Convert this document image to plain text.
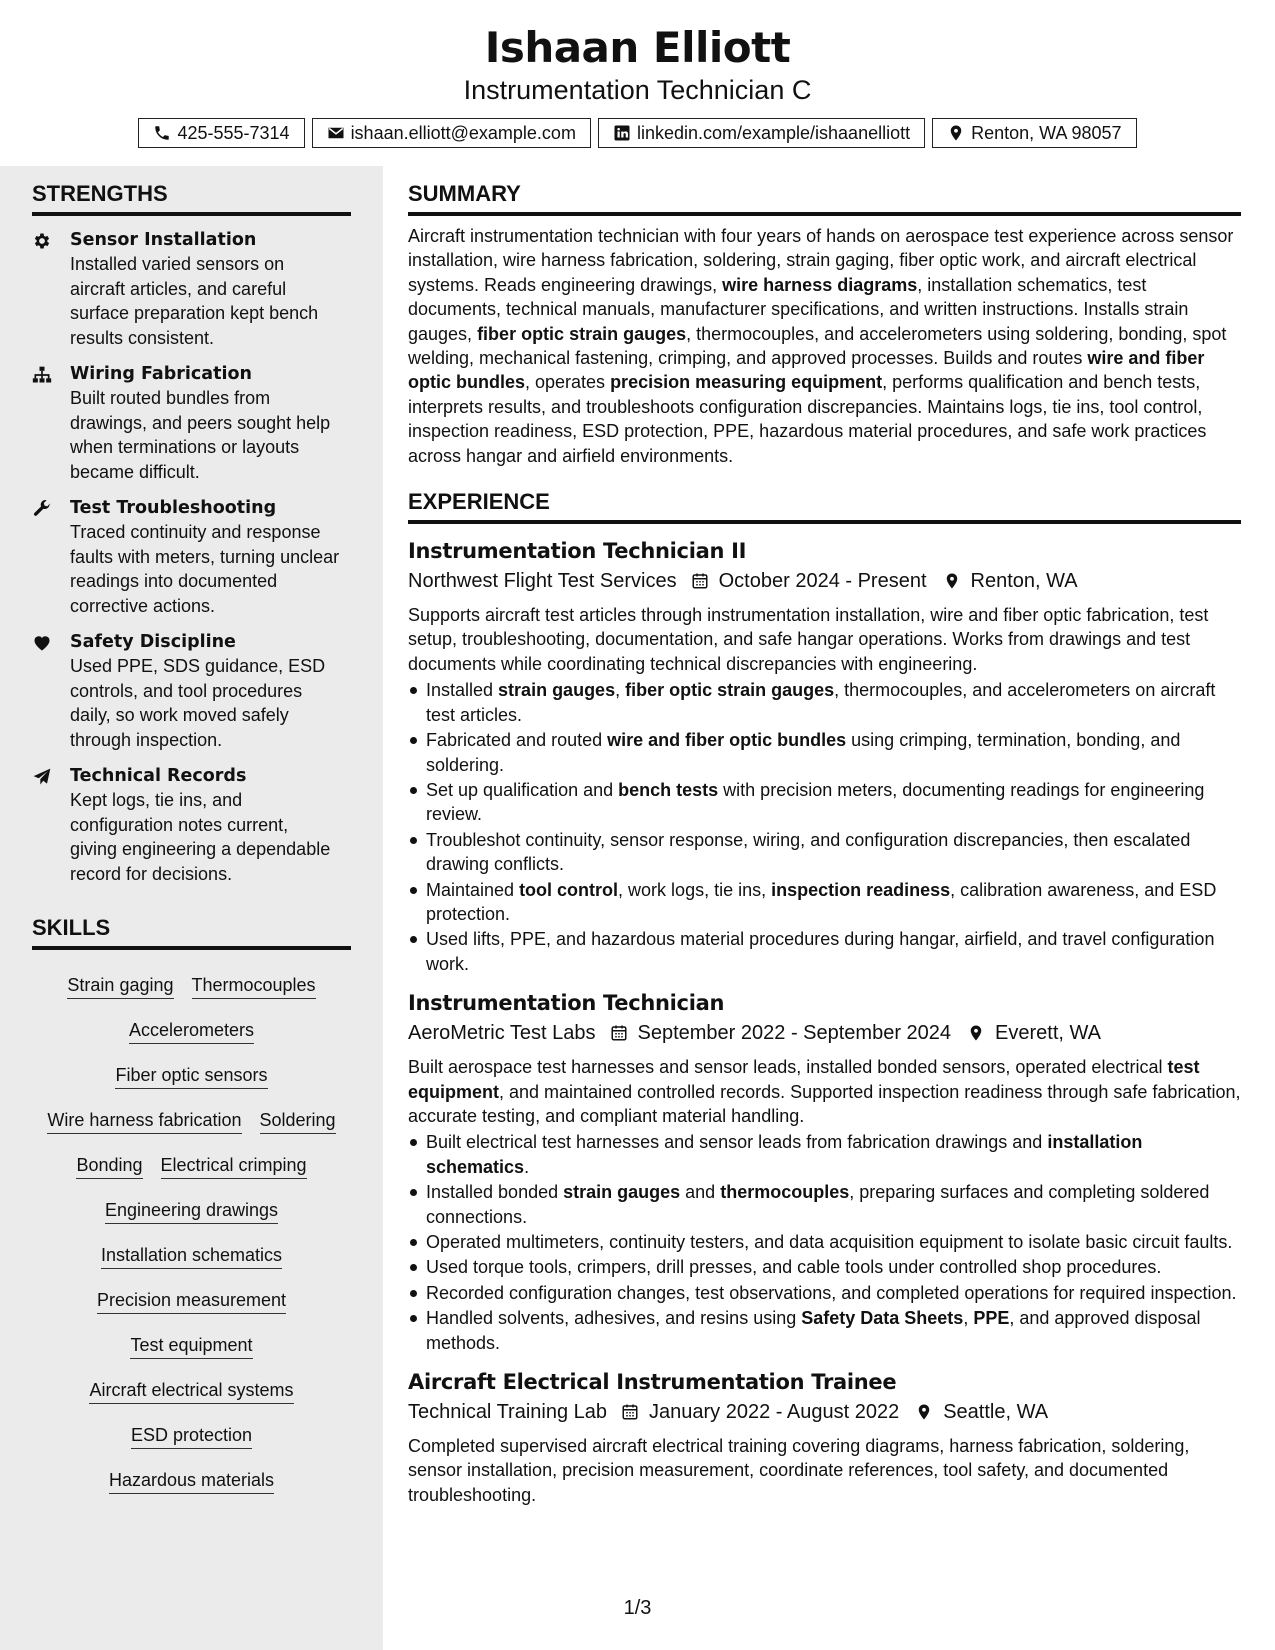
Ishaan Elliott
Instrumentation Technician C
425-555-7314	ishaan.elliott@example.com	linkedin.com/example/ishaanelliott	Renton, WA 98057
STRENGTHS
Sensor Installation
Installed varied sensors on aircraft articles, and careful surface preparation kept bench results consistent.
Wiring Fabrication
Built routed bundles from drawings, and peers sought help when terminations or layouts became difficult.
Test Troubleshooting
Traced continuity and response faults with meters, turning unclear readings into documented corrective actions.
Safety Discipline
Used PPE, SDS guidance, ESD controls, and tool procedures daily, so work moved safely through inspection.
Technical Records
Kept logs, tie ins, and configuration notes current, giving engineering a dependable record for decisions.
SKILLS
Strain gaging Thermocouples
Accelerometers
Fiber optic sensors
Wire harness fabrication Soldering
Bonding Electrical crimping
Engineering drawings
Installation schematics
Precision measurement
Test equipment
Aircraft electrical systems
ESD protection
Hazardous materials
SUMMARY
Aircraft instrumentation technician with four years of hands on aerospace test experience across sensor installation, wire harness fabrication, soldering, strain gaging, fiber optic work, and aircraft electrical systems. Reads engineering drawings, wire harness diagrams, installation schematics, test documents, technical manuals, manufacturer specifications, and written instructions. Installs strain gauges, fiber optic strain gauges, thermocouples, and accelerometers using soldering, bonding, spot welding, mechanical fastening, crimping, and approved processes. Builds and routes wire and fiber optic bundles, operates precision measuring equipment, performs qualification and bench tests, interprets results, and troubleshoots configuration discrepancies. Maintains logs, tie ins, tool control, inspection readiness, ESD protection, PPE, hazardous material procedures, and safe work practices across hangar and airfield environments.
EXPERIENCE
Instrumentation Technician II
Northwest Flight Test Services October 2024 - Present Renton, WA
Supports aircraft test articles through instrumentation installation, wire and fiber optic fabrication, test setup, troubleshooting, documentation, and safe hangar operations. Works from drawings and test documents while coordinating technical discrepancies with engineering.
Installed strain gauges, fiber optic strain gauges, thermocouples, and accelerometers on aircraft test articles.
Fabricated and routed wire and fiber optic bundles using crimping, termination, bonding, and soldering.
Set up qualification and bench tests with precision meters, documenting readings for engineering review.
Troubleshot continuity, sensor response, wiring, and configuration discrepancies, then escalated drawing conflicts.
Maintained tool control, work logs, tie ins, inspection readiness, calibration awareness, and ESD protection.
Used lifts, PPE, and hazardous material procedures during hangar, airfield, and travel configuration work.
Instrumentation Technician
AeroMetric Test Labs September 2022 - September 2024 Everett, WA
Built aerospace test harnesses and sensor leads, installed bonded sensors, operated electrical test equipment, and maintained controlled records. Supported inspection readiness through safe fabrication, accurate testing, and compliant material handling.
Built electrical test harnesses and sensor leads from fabrication drawings and installation schematics.
Installed bonded strain gauges and thermocouples, preparing surfaces and completing soldered connections.
Operated multimeters, continuity testers, and data acquisition equipment to isolate basic circuit faults.
Used torque tools, crimpers, drill presses, and cable tools under controlled shop procedures.
Recorded configuration changes, test observations, and completed operations for required inspection.
Handled solvents, adhesives, and resins using Safety Data Sheets, PPE, and approved disposal methods.
Aircraft Electrical Instrumentation Trainee
Technical Training Lab January 2022 - August 2022 Seattle, WA
Completed supervised aircraft electrical training covering diagrams, harness fabrication, soldering, sensor installation, precision measurement, coordinate references, tool safety, and documented troubleshooting.
1/3
